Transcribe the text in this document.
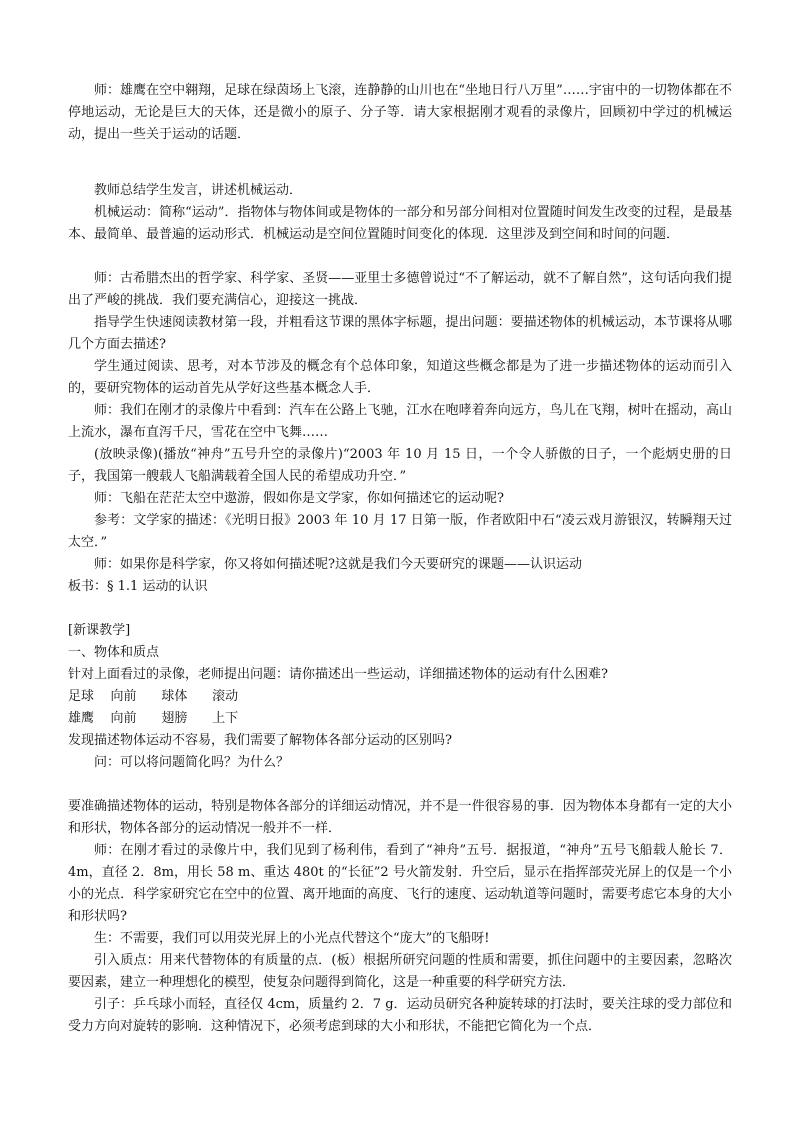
师：雄鹰在空中翱翔，足球在绿茵场上飞滚，连静静的山川也在“坐地日行八万里”……宇宙中的一切物体都在不停地运动，无论是巨大的天体，还是微小的原子、分子等．请大家根据刚才观看的录像片，回顾初中学过的机械运动，提出一些关于运动的话题．

教师总结学生发言，讲述机械运动．

机械运动：简称“运动”．指物体与物体间或是物体的一部分和另部分间相对位置随时间发生改变的过程，是最基本、最简单、最普遍的运动形式．机械运动是空间位置随时间变化的体现．这里涉及到空间和时间的问题．

师：古希腊杰出的哲学家、科学家、圣贤——亚里士多德曾说过“不了解运动，就不了解自然”，这句话向我们提出了严峻的挑战．我们要充满信心，迎接这一挑战．

指导学生快速阅读教材第一段，并粗看这节课的黑体字标题，提出问题：要描述物体的机械运动，本节课将从哪几个方面去描述?

学生通过阅读、思考，对本节涉及的概念有个总体印象，知道这些概念都是为了进一步描述物体的运动而引入的，要研究物体的运动首先从学好这些基本概念人手．

师：我们在刚才的录像片中看到：汽车在公路上飞驰，江水在咆哮着奔向远方，鸟儿在飞翔，树叶在摇动，高山上流水，瀑布直泻千尺，雪花在空中飞舞……

(放映录像)(播放“神舟”五号升空的录像片)“2003 年 10 月 15 日，一个令人骄傲的日子，一个彪炳史册的日子，我国第一艘载人飞船满载着全国人民的希望成功升空．”

师：飞船在茫茫太空中遨游，假如你是文学家，你如何描述它的运动呢?

参考：文学家的描述：《光明日报》2003 年 10 月 17 日第一版，作者欧阳中石“凌云戏月游银汉，转瞬翔天过太空．”

师：如果你是科学家，你又将如何描述呢?这就是我们今天要研究的课题——认识运动

板书：§ 1.1 运动的认识

[新课教学]

一、物体和质点

针对上面看过的录像，老师提出问题：请你描述出一些运动，详细描述物体的运动有什么困难?

足球    向前      球体      滚动

雄鹰    向前      翅膀      上下

发现描述物体运动不容易，我们需要了解物体各部分运动的区别吗?

问：可以将问题简化吗？为什么？

要准确描述物体的运动，特别是物体各部分的详细运动情况，并不是一件很容易的事．因为物体本身都有一定的大小和形状，物体各部分的运动情况一般并不一样．

师：在刚才看过的录像片中，我们见到了杨利伟，看到了“神舟”五号．据报道，“神舟”五号飞船载人舱长 7．4m，直径 2．8m，用长 58 m、重达 480t 的“长征”2 号火箭发射．升空后，显示在指挥部荧光屏上的仅是一个小小的光点．科学家研究它在空中的位置、离开地面的高度、飞行的速度、运动轨道等问题时，需要考虑它本身的大小和形状吗?

生：不需要，我们可以用荧光屏上的小光点代替这个“庞大”的飞船呀!

引入质点：用来代替物体的有质量的点．(板）根据所研究问题的性质和需要，抓住问题中的主要因素，忽略次要因素，建立一种理想化的模型，使复杂问题得到简化，这是一种重要的科学研究方法．

引子：乒乓球小而轻，直径仅 4cm，质量约 2．7 g．运动员研究各种旋转球的打法时，要关注球的受力部位和受力方向对旋转的影响．这种情况下，必须考虑到球的大小和形状，不能把它简化为一个点．
